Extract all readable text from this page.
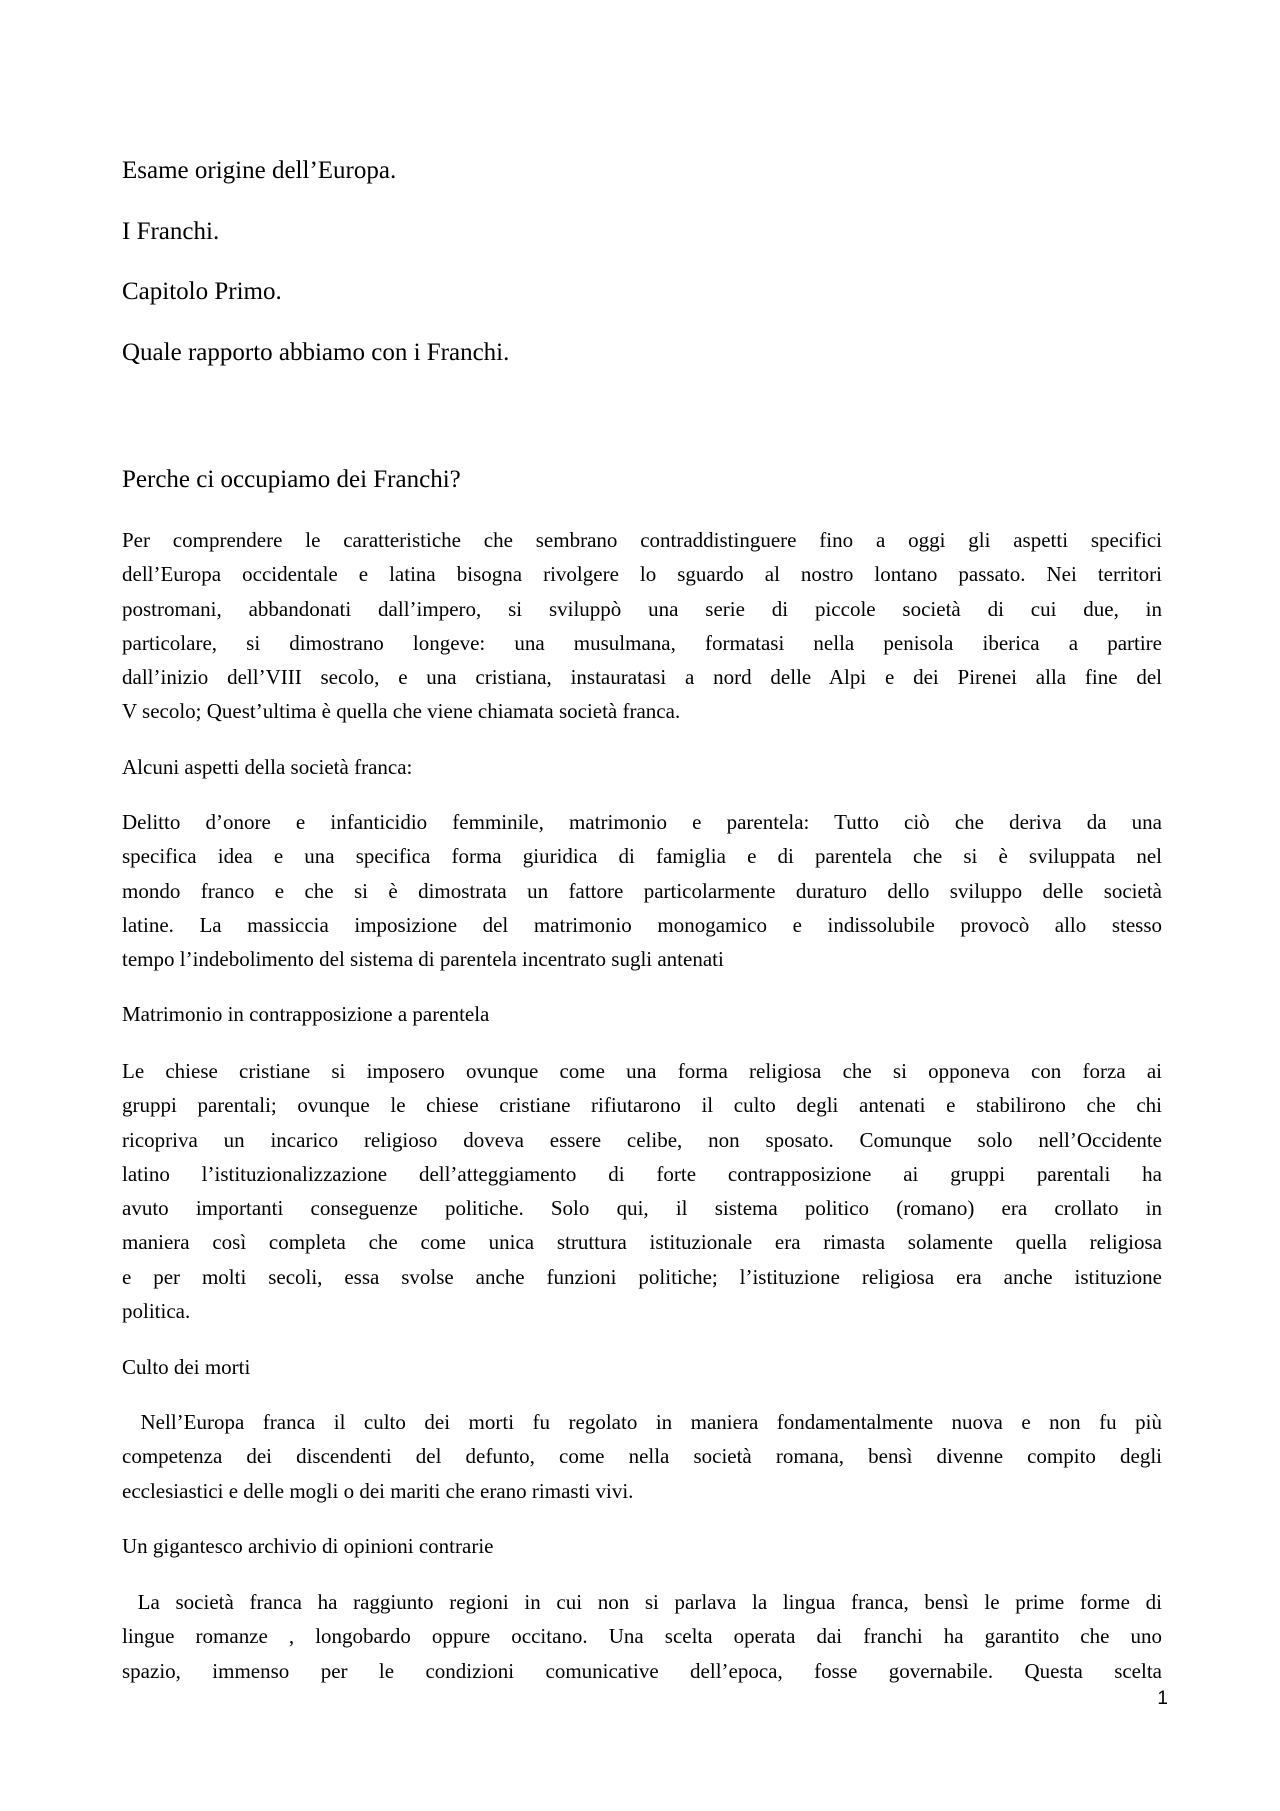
Esame origine dell’Europa.
I Franchi.
Capitolo Primo.
Quale rapporto abbiamo con i Franchi.
Perche ci occupiamo dei Franchi?
Per comprendere le caratteristiche che sembrano contraddistinguere fino a oggi gli aspetti specifici
dell’Europa occidentale e latina bisogna rivolgere lo sguardo al nostro lontano passato. Nei territori
postromani, abbandonati dall’impero, si sviluppò una serie di piccole società di cui due, in
particolare, si dimostrano longeve: una musulmana, formatasi nella penisola iberica a partire
dall’inizio dell’VIII secolo, e una cristiana, instauratasi a nord delle Alpi e dei Pirenei alla fine del
V secolo; Quest’ultima è quella che viene chiamata società franca.
Alcuni aspetti della società franca:
Delitto d’onore e infanticidio femminile, matrimonio e parentela: Tutto ciò che deriva da una
specifica idea e una specifica forma giuridica di famiglia e di parentela che si è sviluppata nel
mondo franco e che si è dimostrata un fattore particolarmente duraturo dello sviluppo delle società
latine. La massiccia imposizione del matrimonio monogamico e indissolubile provocò allo stesso
tempo l’indebolimento del sistema di parentela incentrato sugli antenati
Matrimonio in contrapposizione a parentela
Le chiese cristiane si imposero ovunque come una forma religiosa che si opponeva con forza ai
gruppi parentali; ovunque le chiese cristiane rifiutarono il culto degli antenati e stabilirono che chi
ricopriva un incarico religioso doveva essere celibe, non sposato. Comunque solo nell’Occidente
latino l’istituzionalizzazione dell’atteggiamento di forte contrapposizione ai gruppi parentali ha
avuto importanti conseguenze politiche. Solo qui, il sistema politico (romano) era crollato in
maniera così completa che come unica struttura istituzionale era rimasta solamente quella religiosa
e per molti secoli, essa svolse anche funzioni politiche; l’istituzione religiosa era anche istituzione
politica.
Culto dei morti
Nell’Europa franca il culto dei morti fu regolato in maniera fondamentalmente nuova e non fu più
competenza dei discendenti del defunto, come nella società romana, bensì divenne compito degli
ecclesiastici e delle mogli o dei mariti che erano rimasti vivi.
Un gigantesco archivio di opinioni contrarie
La società franca ha raggiunto regioni in cui non si parlava la lingua franca, bensì le prime forme di
lingue romanze , longobardo oppure occitano. Una scelta operata dai franchi ha garantito che uno
spazio, immenso per le condizioni comunicative dell’epoca, fosse governabile. Questa scelta
1
